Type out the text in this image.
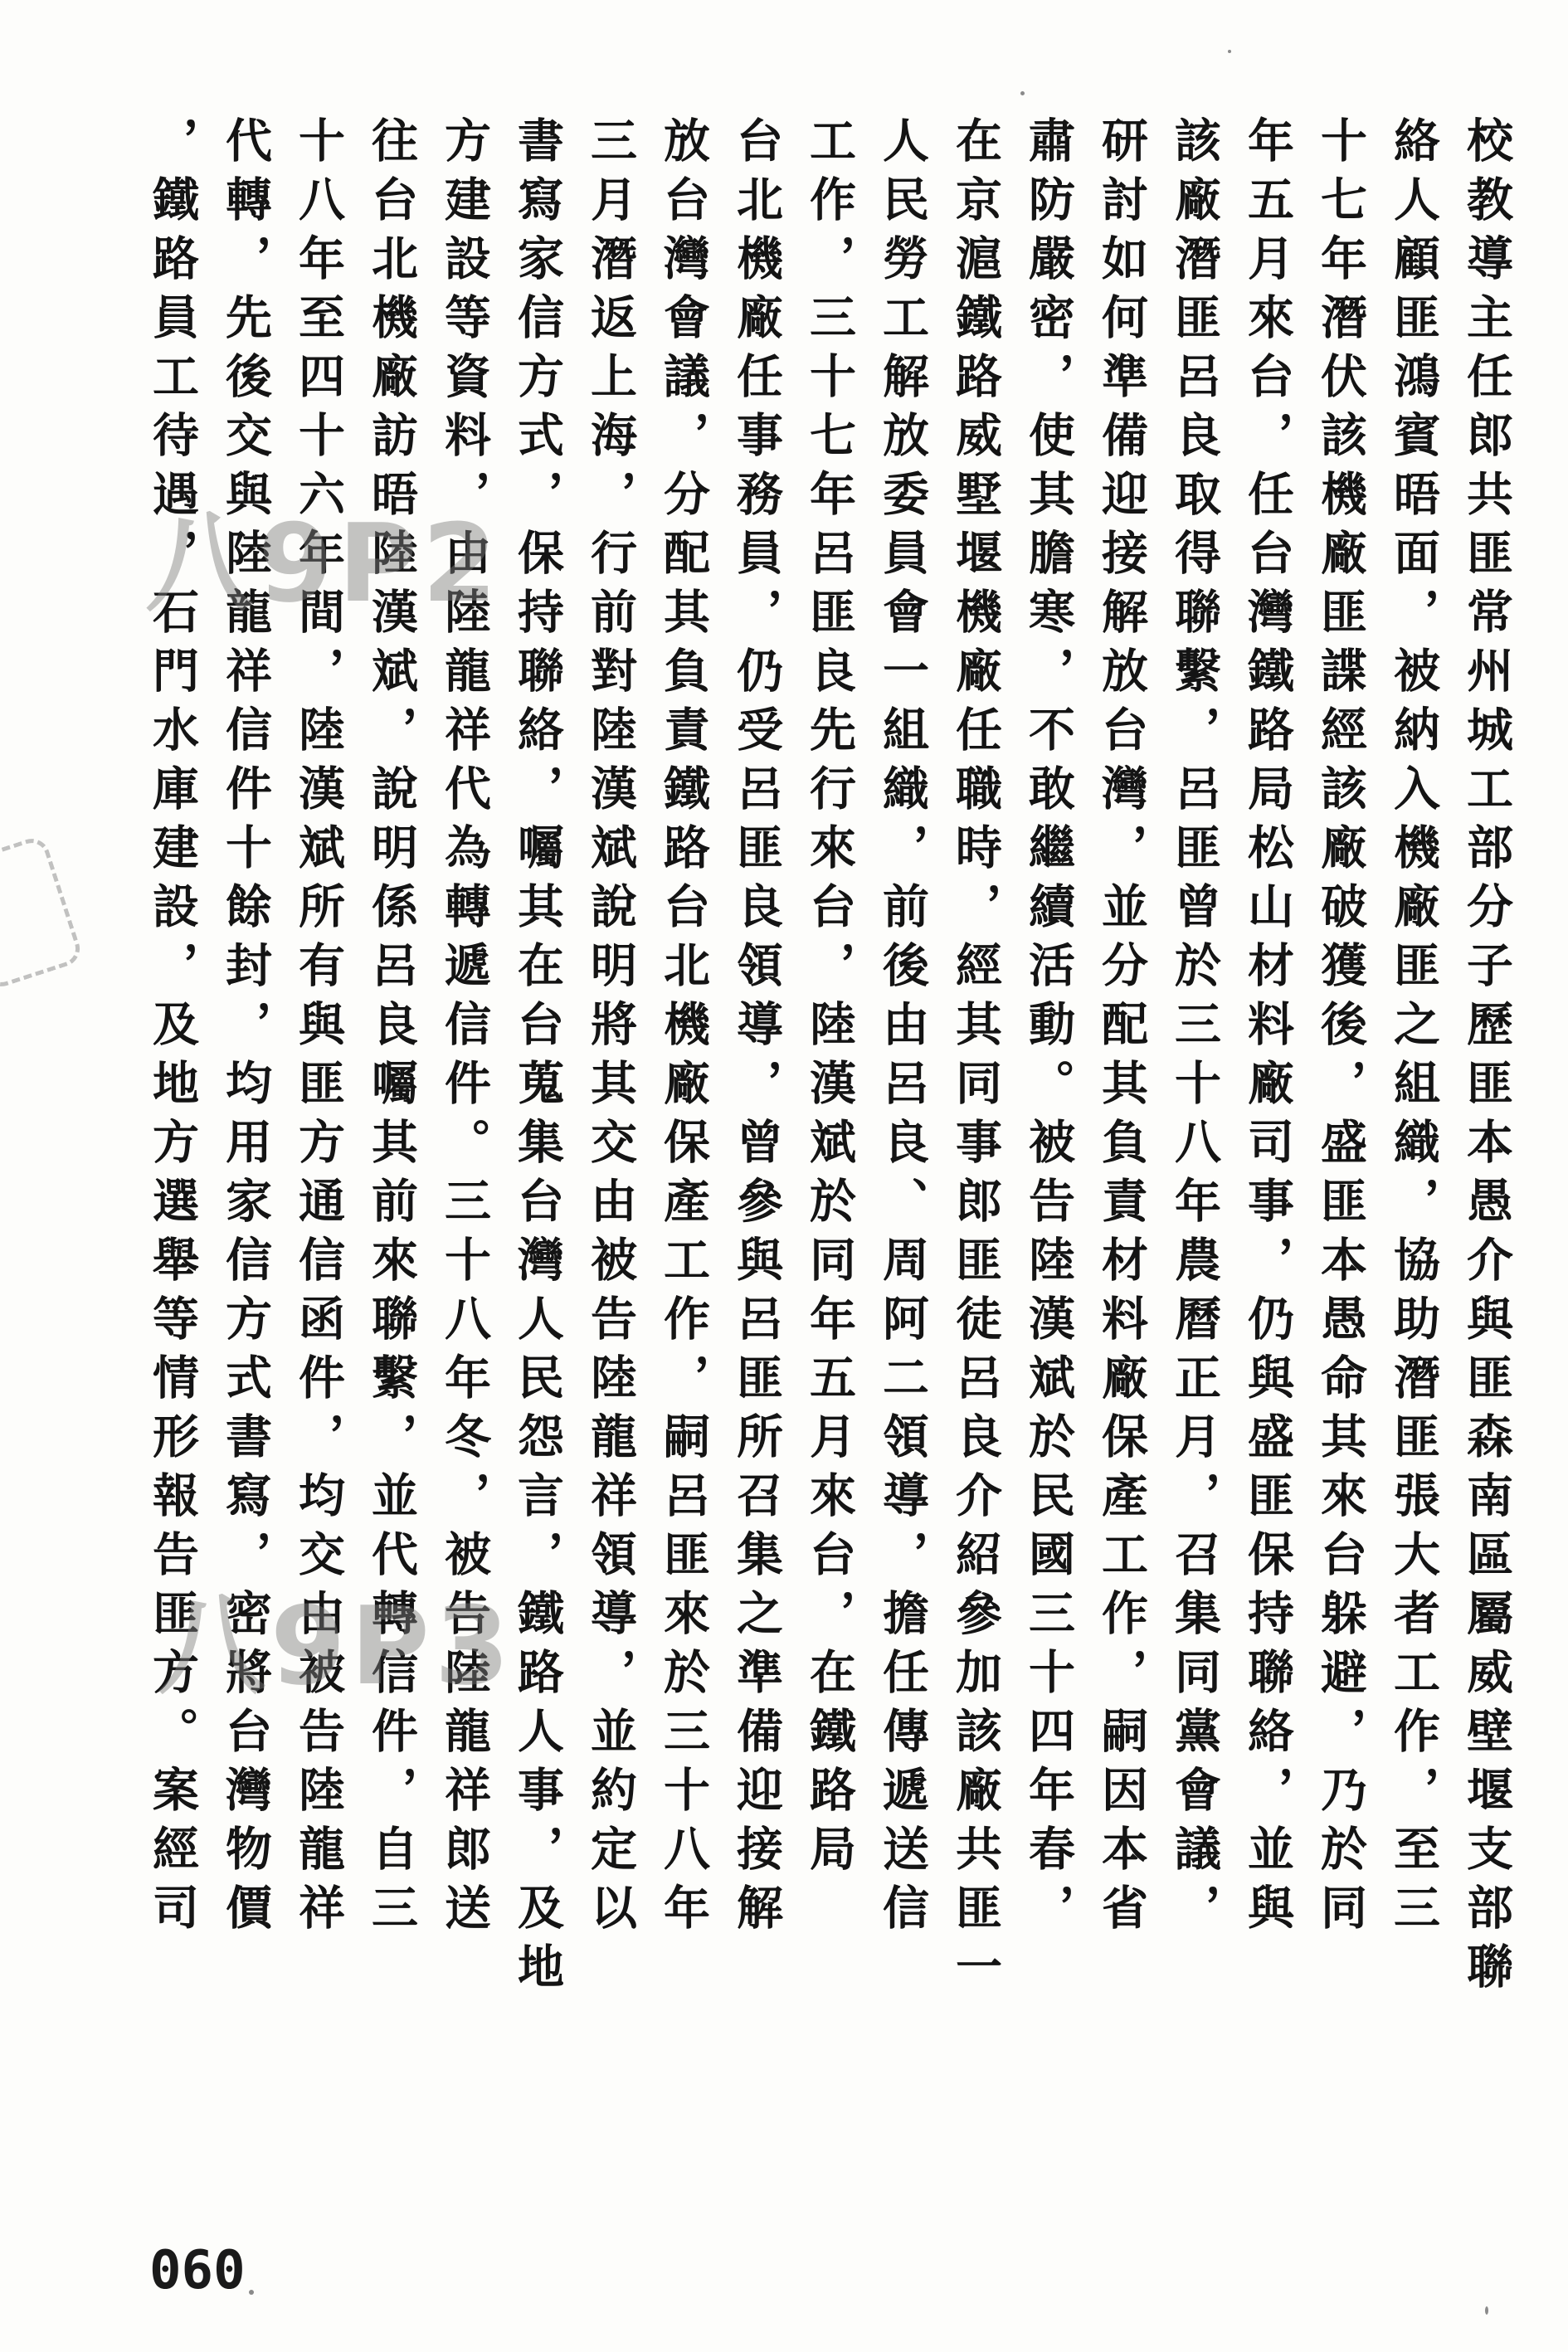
校教導主任郎共匪常州城工部分子歷匪本愚介與匪森南區屬威壁堰支部聯
絡人顧匪鴻賓晤面，被納入機廠匪之組織，協助潛匪張大者工作，至三
十七年潛伏該機廠匪諜經該廠破獲後，盛匪本愚命其來台躲避，乃於同
年五月來台，任台灣鐵路局松山材料廠司事，仍與盛匪保持聯絡，並與
該廠潛匪呂良取得聯繫，呂匪曾於三十八年農曆正月，召集同黨會議，
研討如何準備迎接解放台灣，並分配其負責材料廠保產工作，嗣因本省
肅防嚴密，使其膽寒，不敢繼續活動。被告陸漢斌於民國三十四年春，
在京滬鐵路威墅堰機廠任職時，經其同事郎匪徒呂良介紹參加該廠共匪一
人民勞工解放委員會一組織，前後由呂良、周阿二領導，擔任傳遞送信
工作，三十七年呂匪良先行來台，陸漢斌於同年五月來台，在鐵路局
台北機廠任事務員，仍受呂匪良領導，曾參與呂匪所召集之準備迎接解
放台灣會議，分配其負責鐵路台北機廠保產工作，嗣呂匪來於三十八年
三月潛返上海，行前對陸漢斌說明將其交由被告陸龍祥領導，並約定以
書寫家信方式，保持聯絡，囑其在台蒐集台灣人民怨言，鐵路人事，及地
方建設等資料，由陸龍祥代為轉遞信件。三十八年冬，被告陸龍祥郎送
往台北機廠訪晤陸漢斌，說明係呂良囑其前來聯繫，並代轉信件，自三
十八年至四十六年間，陸漢斌所有與匪方通信函件，均交由被告陸龍祥
代轉，先後交與陸龍祥信件十餘封，均用家信方式書寫，密將台灣物價
，鐵路員工待遇，石門水庫建設，及地方選舉等情形報告匪方。案經司
八9P2
八9P3
060
